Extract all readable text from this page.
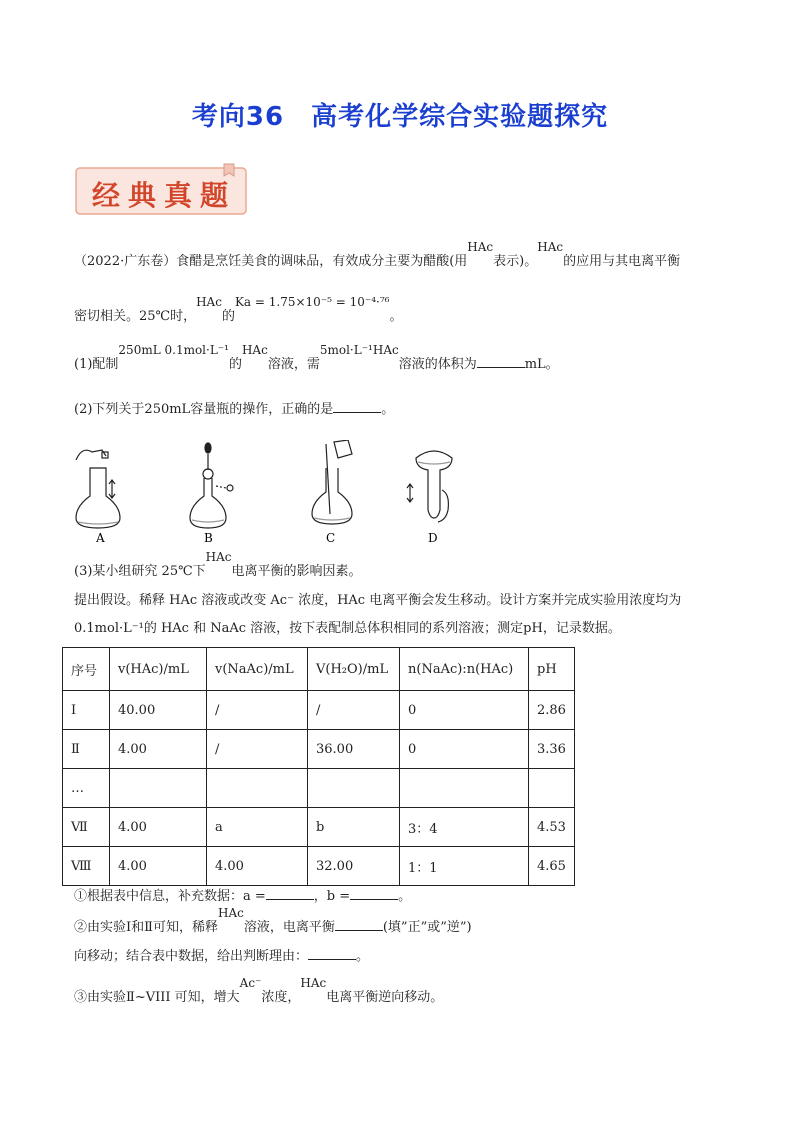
考向36　高考化学综合实验题探究
经典真题
（2022·广东卷）食醋是烹饪美食的调味品，有效成分主要为醋酸(用HAc表示)。HAc的应用与其电离平衡
密切相关。25℃时，HAc的Ka = 1.75×10⁻⁵ = 10⁻⁴·⁷⁶。
(1)配制250mL 0.1mol·L⁻¹的HAc溶液，需5mol·L⁻¹HAc溶液的体积为	mL。
(2)下列关于250mL容量瓶的操作，正确的是	。
A	B	C	D
(3)某小组研究 25℃下HAc电离平衡的影响因素。
提出假设。稀释 HAc 溶液或改变 Ac⁻ 浓度，HAc 电离平衡会发生移动。设计方案并完成实验用浓度均为
0.1mol·L⁻¹的 HAc 和 NaAc 溶液，按下表配制总体积相同的系列溶液；测定pH，记录数据。
序号	v(HAc)/mL	v(NaAc)/mL	V(H₂O)/mL	n(NaAc):n(HAc)	pH
Ⅰ	40.00	/	/	0	2.86
Ⅱ	4.00	/	36.00	0	3.36
…					
Ⅶ	4.00	a	b	3：4	4.53
Ⅷ	4.00	4.00	32.00	1：1	4.65
①根据表中信息，补充数据：a =	，b =	。
②由实验Ⅰ和Ⅱ可知，稀释HAc溶液，电离平衡	(填”正”或”逆”)
向移动；结合表中数据，给出判断理由：	。
③由实验Ⅱ~VIII 可知，增大Ac⁻浓度，HAc电离平衡逆向移动。
